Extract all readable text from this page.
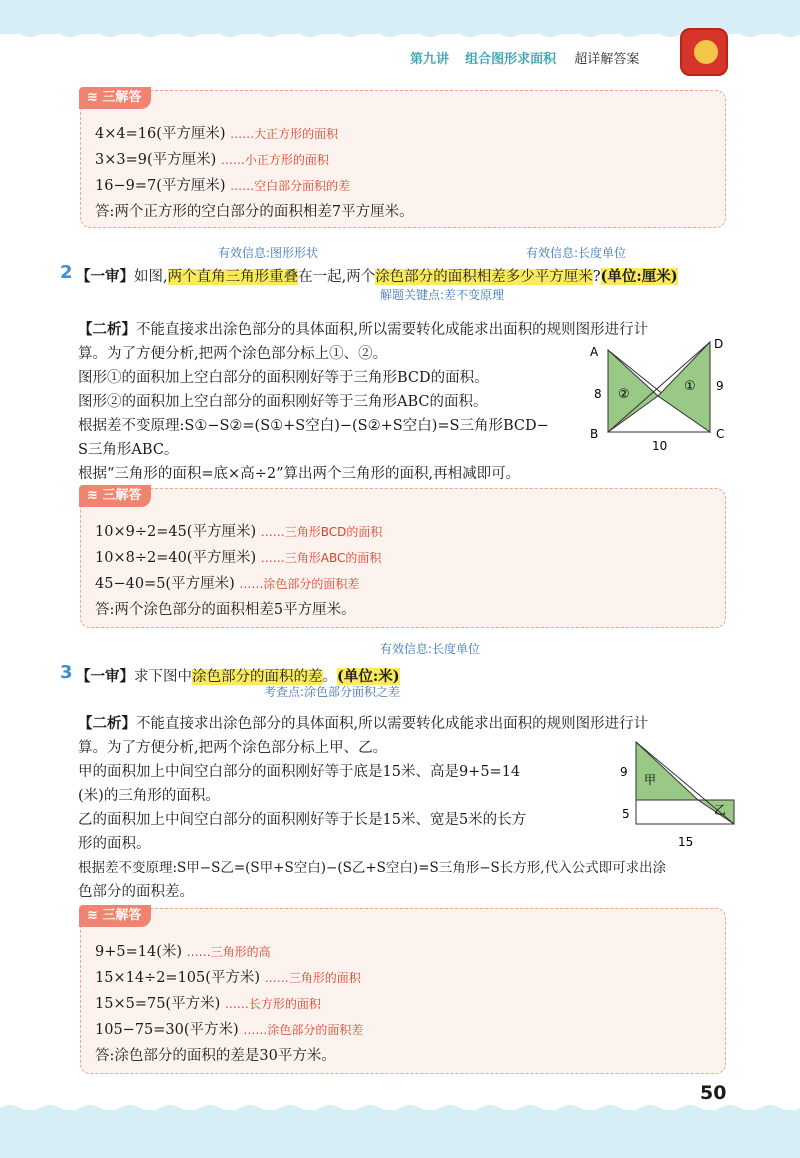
第九讲 组合图形求面积 超详解答案
≋ 三解答
4×4=16(平方厘米) ……大正方形的面积
3×3=9(平方厘米) ……小正方形的面积
16−9=7(平方厘米) ……空白部分面积的差
答:两个正方形的空白部分的面积相差7平方厘米。
有效信息:图形形状	有效信息:长度单位
2 【一审】如图,两个直角三角形重叠在一起,两个涂色部分的面积相差多少平方厘米?(单位:厘米)
解题关键点:差不变原理
【二析】不能直接求出涂色部分的具体面积,所以需要转化成能求出面积的规则图形进行计
算。为了方便分析,把两个涂色部分标上①、②。
图形①的面积加上空白部分的面积刚好等于三角形BCD的面积。
图形②的面积加上空白部分的面积刚好等于三角形ABC的面积。
根据差不变原理:S①−S②=(S①+S空白)−(S②+S空白)=S三角形BCD−
S三角形ABC。
根据“三角形的面积=底×高÷2”算出两个三角形的面积,再相减即可。
A
B	C
D
8
9
10
②
①
≋ 三解答
10×9÷2=45(平方厘米) ……三角形BCD的面积
10×8÷2=40(平方厘米) ……三角形ABC的面积
45−40=5(平方厘米) ……涂色部分的面积差
答:两个涂色部分的面积相差5平方厘米。
有效信息:长度单位
3 【一审】求下图中涂色部分的面积的差。(单位:米)
考查点:涂色部分面积之差
【二析】不能直接求出涂色部分的具体面积,所以需要转化成能求出面积的规则图形进行计
算。为了方便分析,把两个涂色部分标上甲、乙。
甲的面积加上中间空白部分的面积刚好等于底是15米、高是9+5=14
(米)的三角形的面积。
乙的面积加上中间空白部分的面积刚好等于长是15米、宽是5米的长方
形的面积。
根据差不变原理:S甲−S乙=(S甲+S空白)−(S乙+S空白)=S三角形−S长方形,代入公式即可求出涂
色部分的面积差。
9
5
15
甲
乙
≋ 三解答
9+5=14(米) ……三角形的高
15×14÷2=105(平方米) ……三角形的面积
15×5=75(平方米) ……长方形的面积
105−75=30(平方米) ……涂色部分的面积差
答:涂色部分的面积的差是30平方米。
50
